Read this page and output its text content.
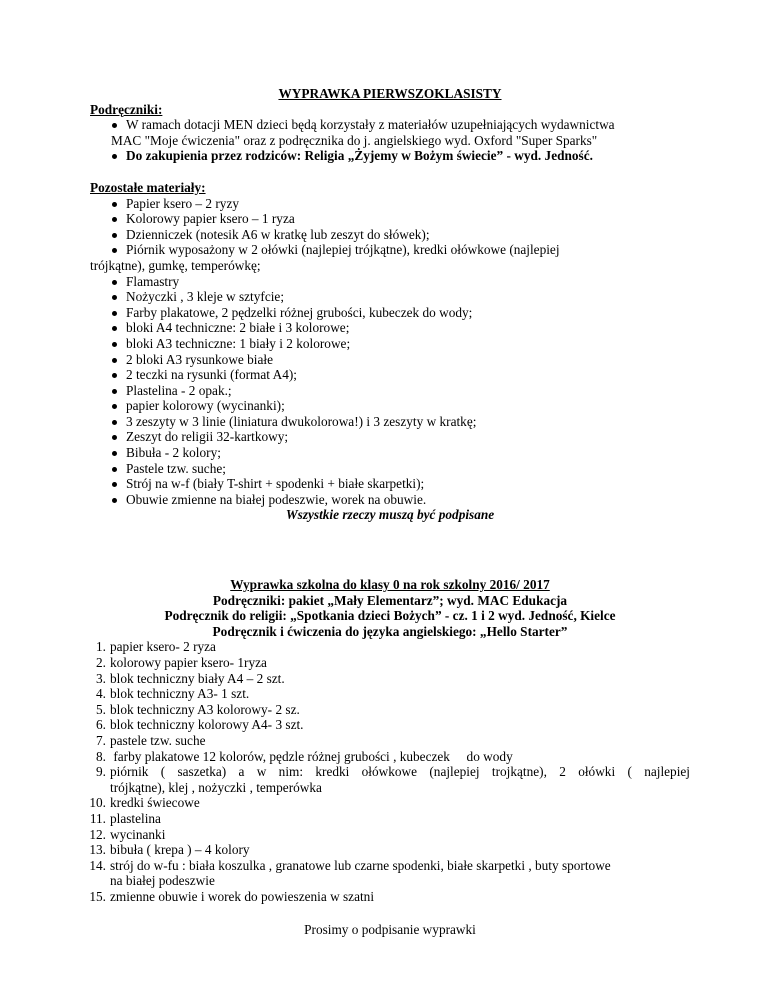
WYPRAWKA PIERWSZOKLASISTY
Podręczniki:
W ramach dotacji MEN dzieci będą korzystały z materiałów uzupełniających wydawnictwa
MAC "Moje ćwiczenia" oraz z podręcznika do j. angielskiego wyd. Oxford "Super Sparks"
Do zakupienia przez rodziców: Religia „Żyjemy w Bożym świecie” - wyd. Jedność.
Pozostałe materiały:
Papier ksero – 2 ryzy
Kolorowy papier ksero – 1 ryza
Dzienniczek (notesik A6 w kratkę lub zeszyt do słówek);
Piórnik wyposażony w 2 ołówki (najlepiej trójkątne), kredki ołówkowe (najlepiej
trójkątne), gumkę, temperówkę;
Flamastry
Nożyczki , 3 kleje w sztyfcie;
Farby plakatowe, 2 pędzelki różnej grubości, kubeczek do wody;
bloki A4 techniczne: 2 białe i 3 kolorowe;
bloki A3 techniczne: 1 biały i 2 kolorowe;
2 bloki A3 rysunkowe białe
2 teczki na rysunki (format A4);
Plastelina - 2 opak.;
papier kolorowy (wycinanki);
3 zeszyty w 3 linie (liniatura dwukolorowa!) i 3 zeszyty w kratkę;
Zeszyt do religii 32-kartkowy;
Bibuła - 2 kolory;
Pastele tzw. suche;
Strój na w-f (biały T-shirt + spodenki + białe skarpetki);
Obuwie zmienne na białej podeszwie, worek na obuwie.
Wszystkie rzeczy muszą być podpisane
Wyprawka szkolna do klasy 0 na rok szkolny 2016/ 2017
Podręczniki: pakiet „Mały Elementarz”; wyd. MAC Edukacja
Podręcznik do religii: „Spotkania dzieci Bożych” - cz. 1 i 2 wyd. Jedność, Kielce
Podręcznik i ćwiczenia do języka angielskiego: „Hello Starter”
1. papier ksero- 2 ryza
2. kolorowy papier ksero- 1ryza
3. blok techniczny biały A4 – 2 szt.
4. blok techniczny A3- 1 szt.
5. blok techniczny A3 kolorowy- 2 sz.
6. blok techniczny kolorowy A4- 3 szt.
7. pastele tzw. suche
8. farby plakatowe 12 kolorów, pędzle różnej grubości , kubeczek     do wody
9. piórnik ( saszetka) a w nim: kredki ołówkowe (najlepiej trojkątne), 2 ołówki ( najlepiej
trójkątne), klej , nożyczki , temperówka
10. kredki świecowe
11. plastelina
12. wycinanki
13. bibuła ( krepa ) – 4 kolory
14. strój do w-fu : biała koszulka , granatowe lub czarne spodenki, białe skarpetki , buty sportowe
na białej podeszwie
15. zmienne obuwie i worek do powieszenia w szatni
Prosimy o podpisanie wyprawki
